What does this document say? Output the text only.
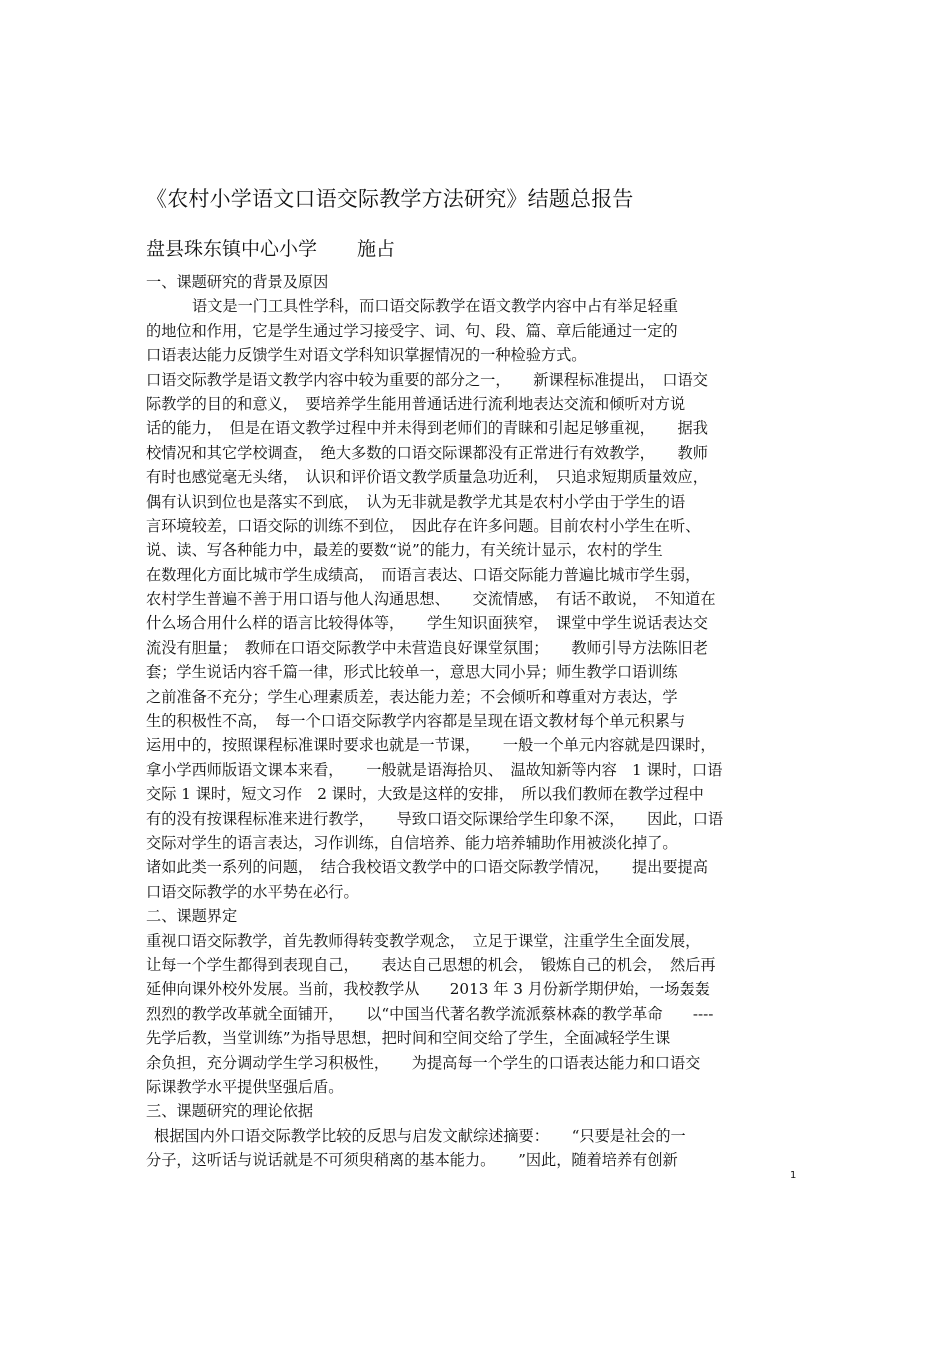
《农村小学语文口语交际教学方法研究》结题总报告
盘县珠东镇中心小学 施占
一、课题研究的背景及原因
语文是一门工具性学科，而口语交际教学在语文教学内容中占有举足轻重
的地位和作用，它是学生通过学习接受字、词、句、段、篇、章后能通过一定的
口语表达能力反馈学生对语文学科知识掌握情况的一种检验方式。
口语交际教学是语文教学内容中较为重要的部分之一，　　新课程标准提出，　口语交
际教学的目的和意义，　要培养学生能用普通话进行流利地表达交流和倾听对方说
话的能力，　但是在语文教学过程中并未得到老师们的青睐和引起足够重视，　　据我
校情况和其它学校调查，　绝大多数的口语交际课都没有正常进行有效教学，　　教师
有时也感觉毫无头绪，　认识和评价语文教学质量急功近利，　只追求短期质量效应，
偶有认识到位也是落实不到底，　认为无非就是教学尤其是农村小学由于学生的语
言环境较差，口语交际的训练不到位，　因此存在许多问题。目前农村小学生在听、
说、读、写各种能力中，最差的要数“说”的能力，有关统计显示，农村的学生
在数理化方面比城市学生成绩高，　而语言表达、口语交际能力普遍比城市学生弱，
农村学生普遍不善于用口语与他人沟通思想、　　交流情感，　有话不敢说，　不知道在
什么场合用什么样的语言比较得体等，　　学生知识面狭窄，　课堂中学生说话表达交
流没有胆量；　教师在口语交际教学中未营造良好课堂氛围；　　教师引导方法陈旧老
套；学生说话内容千篇一律，形式比较单一，意思大同小异；师生教学口语训练
之前准备不充分；学生心理素质差，表达能力差；不会倾听和尊重对方表达，学
生的积极性不高，　每一个口语交际教学内容都是呈现在语文教材每个单元积累与
运用中的，按照课程标准课时要求也就是一节课，　　一般一个单元内容就是四课时，
拿小学西师版语文课本来看，　　一般就是语海拾贝、　温故知新等内容　1 课时，口语
交际 1 课时，短文习作　2 课时，大致是这样的安排，　所以我们教师在教学过程中
有的没有按课程标准来进行教学，　　导致口语交际课给学生印象不深，　　因此，口语
交际对学生的语言表达，习作训练，自信培养、能力培养辅助作用被淡化掉了。
诸如此类一系列的问题，　结合我校语文教学中的口语交际教学情况，　　提出要提高
口语交际教学的水平势在必行。
二、课题界定
重视口语交际教学，首先教师得转变教学观念，　立足于课堂，注重学生全面发展，
让每一个学生都得到表现自己，　　表达自己思想的机会，　锻炼自己的机会，　然后再
延伸向课外校外发展。当前，我校教学从　　2013 年 3 月份新学期伊始，一场轰轰
烈烈的教学改革就全面铺开，　　以“中国当代著名教学流派蔡林森的教学革命　　----
先学后教，当堂训练”为指导思想，把时间和空间交给了学生，全面减轻学生课
余负担，充分调动学生学习积极性，　　为提高每一个学生的口语表达能力和口语交
际课教学水平提供坚强后盾。
三、课题研究的理论依据
根据国内外口语交际教学比较的反思与启发文献综述摘要：　　“只要是社会的一
分子，这听话与说话就是不可须臾稍离的基本能力。　　”因此，随着培养有创新
1
